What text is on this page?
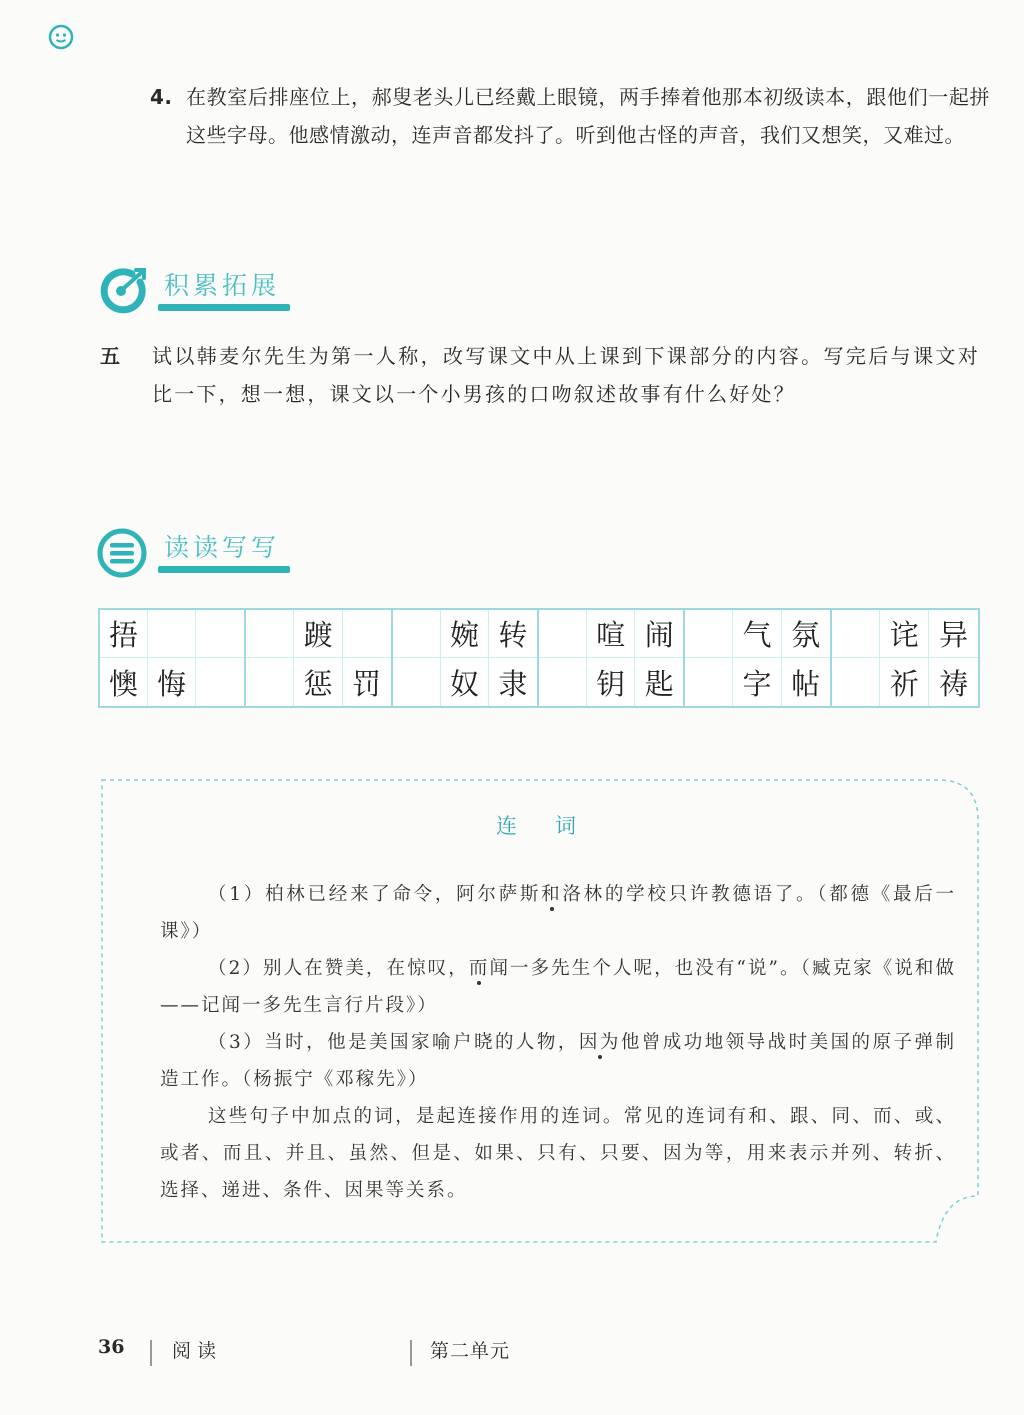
4. 在教室后排座位上，郝叟老头儿已经戴上眼镜，两手捧着他那本初级读本，跟他们一起拼这些字母。他感情激动，连声音都发抖了。听到他古怪的声音，我们又想笑，又难过。
积累拓展
五 试以韩麦尔先生为第一人称，改写课文中从上课到下课部分的内容。写完后与课文对比一下，想一想，课文以一个小男孩的口吻叙述故事有什么好处？
读读写写
捂
懊 悔
踱
惩 罚
婉 转
奴 隶
喧 闹
钥 匙
气 氛
字 帖
诧 异
祈 祷
连词
（1）柏林已经来了命令，阿尔萨斯和洛林的学校只许教德语了。（都德《最后一课》）
（2）别人在赞美，在惊叹，而闻一多先生个人呢，也没有“说”。（臧克家《说和做——记闻一多先生言行片段》）
（3）当时，他是美国家喻户晓的人物，因为他曾成功地领导战时美国的原子弹制造工作。（杨振宁《邓稼先》）
这些句子中加点的词，是起连接作用的连词。常见的连词有和、跟、同、而、或、或者、而且、并且、虽然、但是、如果、只有、只要、因为等，用来表示并列、转折、选择、递进、条件、因果等关系。
36	阅读	第二单元
